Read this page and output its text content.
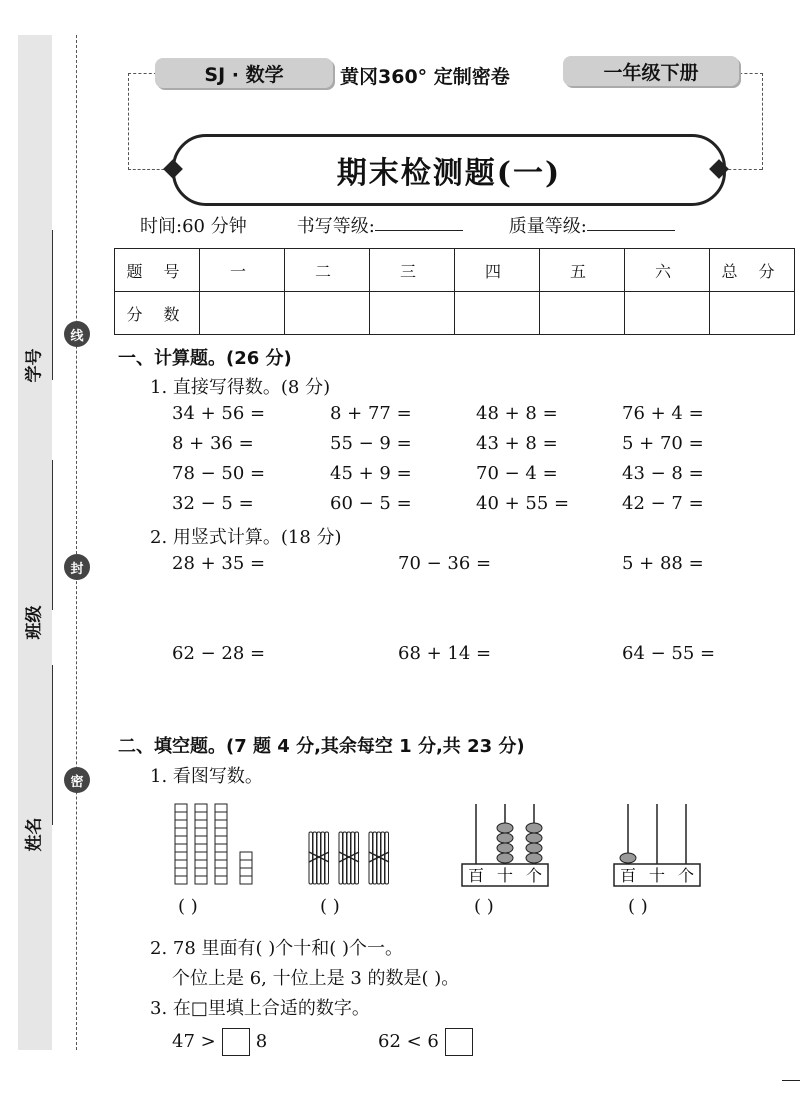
学号
班级
姓名
线
封
密
SJ · 数学	黄冈360° 定制密卷	一年级下册
期末检测题(一)
时间:60 分钟	书写等级:	质量等级:
题 号	一	二	三	四	五	六	总 分
分 数							
一、计算题。(26 分)
1. 直接写得数。(8 分)
34 + 56 =	8 + 77 =	48 + 8 =	76 + 4 =
8 + 36 =	55 − 9 =	43 + 8 =	5 + 70 =
78 − 50 =	45 + 9 =	70 − 4 =	43 − 8 =
32 − 5 =	60 − 5 =	40 + 55 =	42 − 7 =
2. 用竖式计算。(18 分)
28 + 35 =	70 − 36 =	5 + 88 =
62 − 28 =	68 + 14 =	64 − 55 =
二、填空题。(7 题 4 分,其余每空 1 分,共 23 分)
1. 看图写数。
百 十 个	百 十 个
( )	( )	( )	( )
2. 78 里面有( )个十和( )个一。
个位上是 6, 十位上是 3 的数是( )。
3. 在□里填上合适的数字。
47 > 8	62 < 6
